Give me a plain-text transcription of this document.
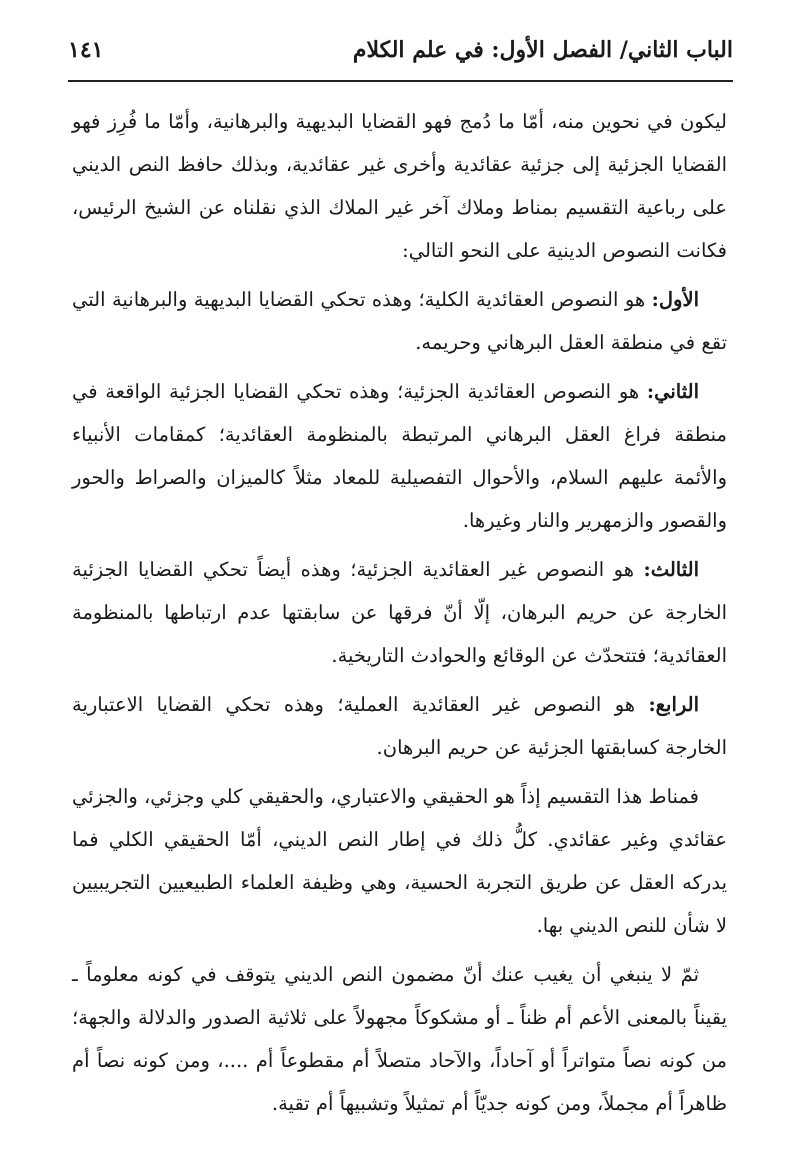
الباب الثاني/ الفصل الأول: في علم الكلام
١٤١

ليكون في نحوين منه، أمّا ما دُمج فهو القضايا البديهية والبرهانية، وأمّا ما فُرِز فهو القضايا الجزئية إلى جزئية عقائدية وأخرى غير عقائدية، وبذلك حافظ النص الديني على رباعية التقسيم بمناط وملاك آخر غير الملاك الذي نقلناه عن الشيخ الرئيس، فكانت النصوص الدينية على النحو التالي:

الأول: هو النصوص العقائدية الكلية؛ وهذه تحكي القضايا البديهية والبرهانية التي تقع في منطقة العقل البرهاني وحريمه.

الثاني: هو النصوص العقائدية الجزئية؛ وهذه تحكي القضايا الجزئية الواقعة في منطقة فراغ العقل البرهاني المرتبطة بالمنظومة العقائدية؛ كمقامات الأنبياء والأئمة عليهم السلام، والأحوال التفصيلية للمعاد مثلاً كالميزان والصراط والحور والقصور والزمهرير والنار وغيرها.

الثالث: هو النصوص غير العقائدية الجزئية؛ وهذه أيضاً تحكي القضايا الجزئية الخارجة عن حريم البرهان، إلّا أنّ فرقها عن سابقتها عدم ارتباطها بالمنظومة العقائدية؛ فتتحدّث عن الوقائع والحوادث التاريخية.

الرابع: هو النصوص غير العقائدية العملية؛ وهذه تحكي القضايا الاعتبارية الخارجة كسابقتها الجزئية عن حريم البرهان.

فمناط هذا التقسيم إذاً هو الحقيقي والاعتباري، والحقيقي كلي وجزئي، والجزئي عقائدي وغير عقائدي. كلُّ ذلك في إطار النص الديني، أمّا الحقيقي الكلي فما يدركه العقل عن طريق التجربة الحسية، وهي وظيفة العلماء الطبيعيين التجريبيين لا شأن للنص الديني بها.

ثمّ لا ينبغي أن يغيب عنك أنّ مضمون النص الديني يتوقف في كونه معلوماً ـ يقيناً بالمعنى الأعم أم ظناً ـ أو مشكوكاً مجهولاً على ثلاثية الصدور والدلالة والجهة؛ من كونه نصاً متواتراً أو آحاداً، والآحاد متصلاً أم مقطوعاً أم ....، ومن كونه نصاً أم ظاهراً أم مجملاً، ومن كونه جديّاً أم تمثيلاً وتشبيهاً أم تقية.
